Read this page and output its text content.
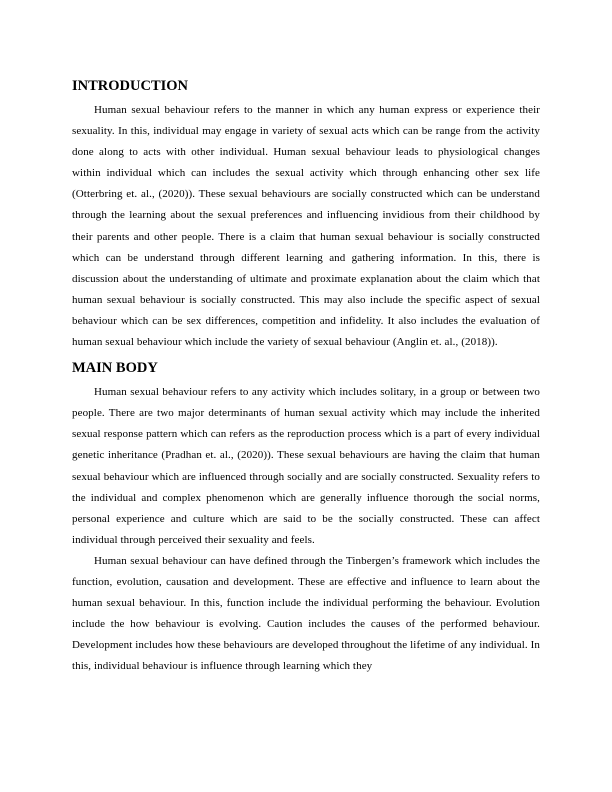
INTRODUCTION

Human sexual behaviour refers to the manner in which any human express or experience their sexuality. In this, individual may engage in variety of sexual acts which can be range from the activity done along to acts with other individual. Human sexual behaviour leads to physiological changes within individual which can includes the sexual activity which through enhancing other sex life (Otterbring et. al., (2020)). These sexual behaviours are socially constructed which can be understand through the learning about the sexual preferences and influencing invidious from their childhood by their parents and other people. There is a claim that human sexual behaviour is socially constructed which can be understand through different learning and gathering information. In this, there is discussion about the understanding of ultimate and proximate explanation about the claim which that human sexual behaviour is socially constructed. This may also include the specific aspect of sexual behaviour which can be sex differences, competition and infidelity. It also includes the evaluation of human sexual behaviour which include the variety of sexual behaviour (Anglin et. al., (2018)).

MAIN BODY

Human sexual behaviour refers to any activity which includes solitary, in a group or between two people. There are two major determinants of human sexual activity which may include the inherited sexual response pattern which can refers as the reproduction process which is a part of every individual genetic inheritance (Pradhan et. al., (2020)). These sexual behaviours are having the claim that human sexual behaviour which are influenced through socially and are socially constructed. Sexuality refers to the individual and complex phenomenon which are generally influence thorough the social norms, personal experience and culture which are said to be the socially constructed. These can affect individual through perceived their sexuality and feels.

Human sexual behaviour can have defined through the Tinbergen’s framework which includes the function, evolution, causation and development. These are effective and influence to learn about the human sexual behaviour. In this, function include the individual performing the behaviour. Evolution include the how behaviour is evolving. Caution includes the causes of the performed behaviour. Development includes how these behaviours are developed throughout the lifetime of any individual. In this, individual behaviour is influence through learning which they
